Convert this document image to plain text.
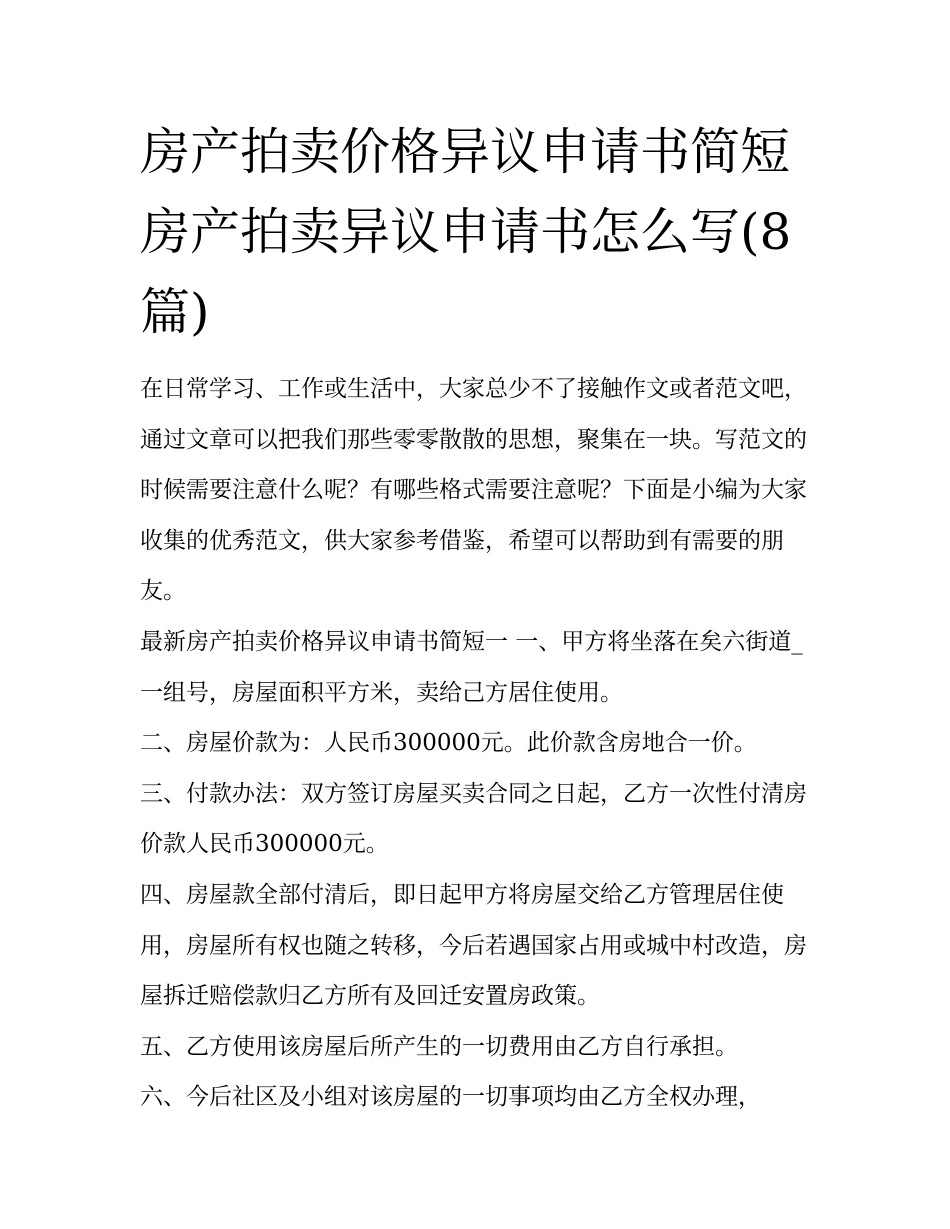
房产拍卖价格异议申请书简短房产拍卖异议申请书怎么写(8篇)

在日常学习、工作或生活中，大家总少不了接触作文或者范文吧，通过文章可以把我们那些零零散散的思想，聚集在一块。写范文的时候需要注意什么呢？有哪些格式需要注意呢？下面是小编为大家收集的优秀范文，供大家参考借鉴，希望可以帮助到有需要的朋友。

最新房产拍卖价格异议申请书简短一 一、甲方将坐落在矣六街道_一组号，房屋面积平方米，卖给己方居住使用。

二、房屋价款为：人民币300000元。此价款含房地合一价。

三、付款办法：双方签订房屋买卖合同之日起，乙方一次性付清房价款人民币300000元。

四、房屋款全部付清后，即日起甲方将房屋交给乙方管理居住使用，房屋所有权也随之转移，今后若遇国家占用或城中村改造，房屋拆迁赔偿款归乙方所有及回迁安置房政策。

五、乙方使用该房屋后所产生的一切费用由乙方自行承担。

六、今后社区及小组对该房屋的一切事项均由乙方全权办理，
